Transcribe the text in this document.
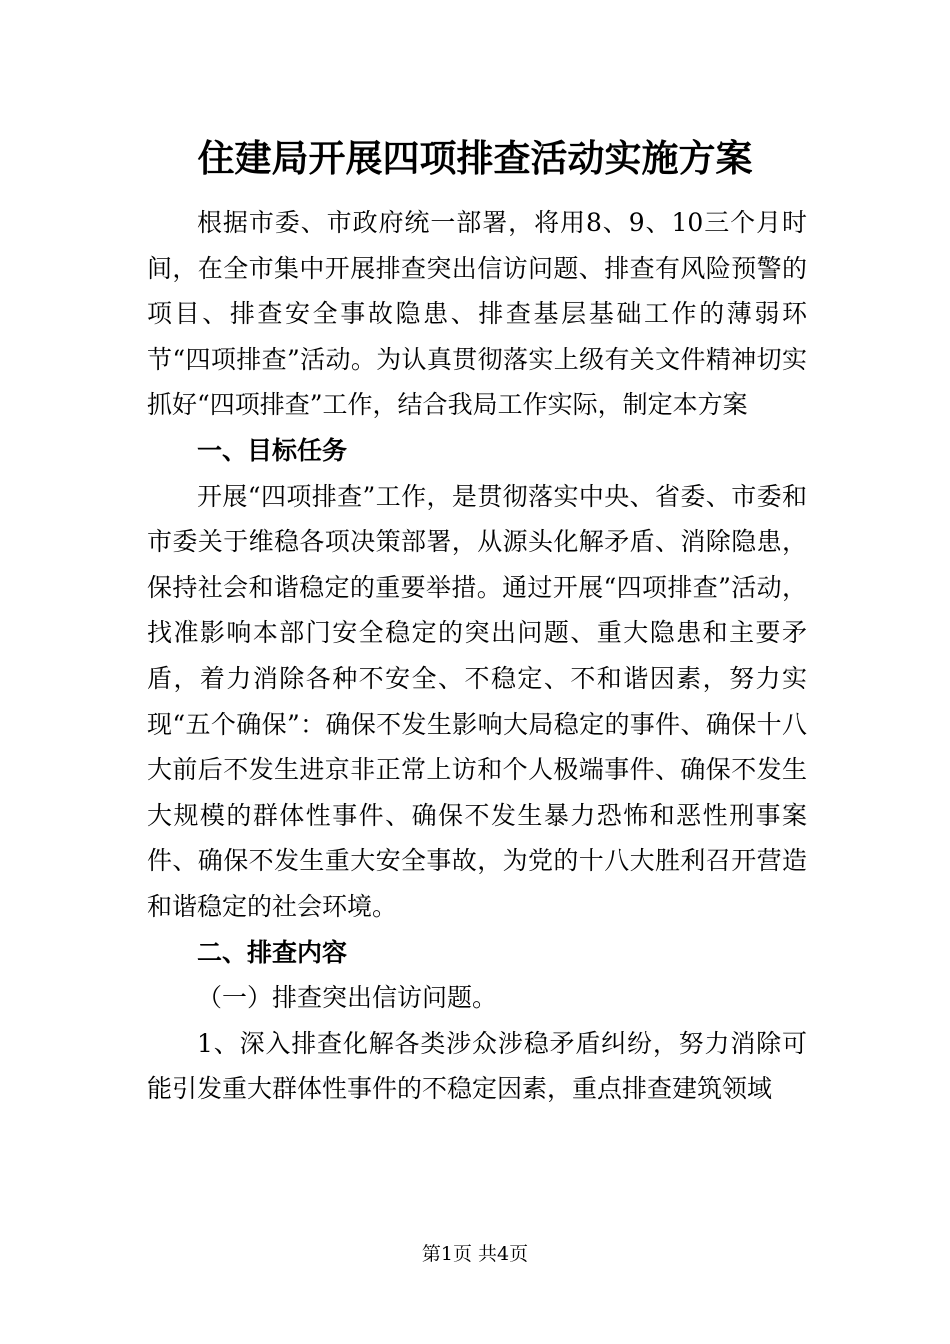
住建局开展四项排查活动实施方案

根据市委、市政府统一部署，将用8、9、10三个月时间，在全市集中开展排查突出信访问题、排查有风险预警的项目、排查安全事故隐患、排查基层基础工作的薄弱环节“四项排查”活动。为认真贯彻落实上级有关文件精神切实抓好“四项排查”工作，结合我局工作实际，制定本方案

一、目标任务

开展“四项排查”工作，是贯彻落实中央、省委、市委和市委关于维稳各项决策部署，从源头化解矛盾、消除隐患，保持社会和谐稳定的重要举措。通过开展“四项排查”活动，找准影响本部门安全稳定的突出问题、重大隐患和主要矛盾，着力消除各种不安全、不稳定、不和谐因素，努力实现“五个确保”：确保不发生影响大局稳定的事件、确保十八大前后不发生进京非正常上访和个人极端事件、确保不发生大规模的群体性事件、确保不发生暴力恐怖和恶性刑事案件、确保不发生重大安全事故，为党的十八大胜利召开营造和谐稳定的社会环境。

二、排查内容

（一）排查突出信访问题。

1、深入排查化解各类涉众涉稳矛盾纠纷，努力消除可能引发重大群体性事件的不稳定因素，重点排查建筑领域

第1页 共4页
